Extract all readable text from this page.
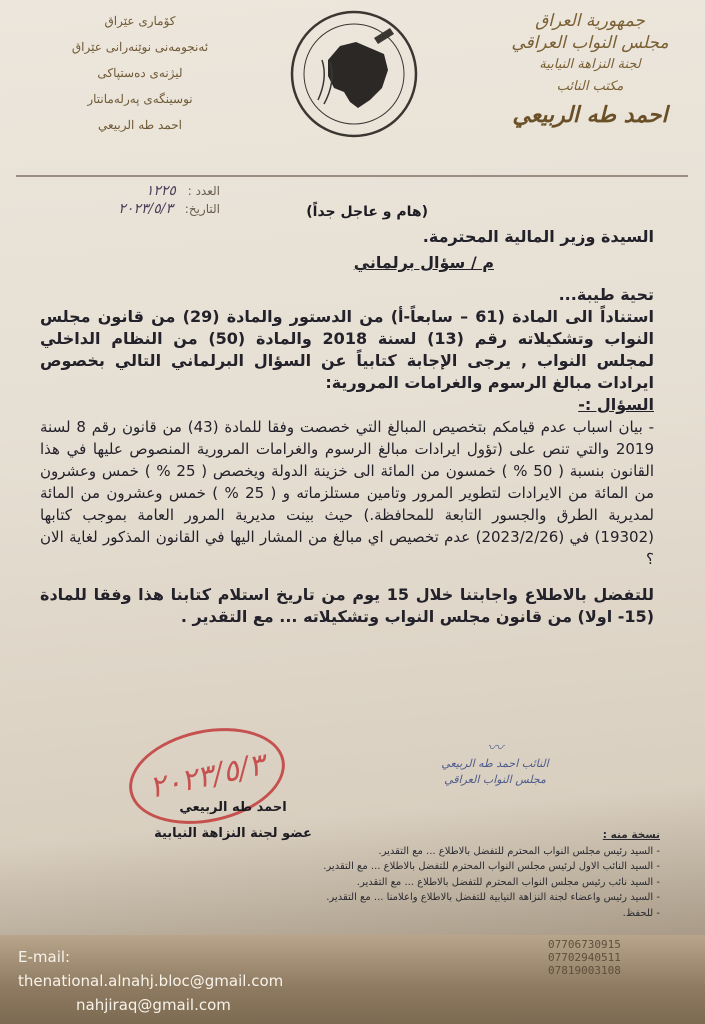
کۆماری عێراق
ئەنجومەنی نوێنەرانی عێراق
لیژنەی دەستپاکی
نوسینگەی پەرلەمانتار
احمد طه الربيعي
جمهورية العراق
مجلس النواب العراقي
لجنة النزاهة النيابية
مكتب النائب
احمد طه الربيعي
العدد : ١٢٢٥
التاريخ: ٢٠٢٣/٥/٣	(هام و عاجل جداً)

السيدة وزير المالية المحترمة.

م / سؤال برلماني

تحية طيبة...

استناداً الى المادة (61 – سابعاً-أ) من الدستور والمادة (29) من قانون مجلس النواب وتشكيلاته رقم (13) لسنة 2018 والمادة (50) من النظام الداخلي لمجلس النواب , يرجى الإجابة كتابياً عن السؤال البرلماني التالي بخصوص ايرادات مبالغ الرسوم والغرامات المرورية:

السؤال :-

- بيان اسباب عدم قيامكم بتخصيص المبالغ التي خصصت وفقا للمادة (43) من قانون رقم 8 لسنة 2019 والتي تنص على (تؤول ايرادات مبالغ الرسوم والغرامات المرورية المنصوص عليها في هذا القانون بنسبة ( 50 % ) خمسون من المائة الى خزينة الدولة ويخصص ( 25 % ) خمس وعشرون من المائة من الايرادات لتطوير المرور وتامين مستلزماته و ( 25 % ) خمس وعشرون من المائة لمديرية الطرق والجسور التابعة للمحافظة.) حيث بينت مديرية المرور العامة بموجب كتابها (19302) في (2023/2/26) عدم تخصيص اي مبالغ من المشار اليها في القانون المذكور لغاية الان ؟

للتفضل بالاطلاع واجابتنا خلال 15 يوم من تاريخ استلام كتابنا هذا وفقا للمادة (15- اولا) من قانون مجلس النواب وتشكيلاته ... مع التقدير .

٢٠٢٣/٥/٣
احمد طه الربيعي
عضو لجنة النزاهة النيابية
〰
النائب احمد طه الربيعي
مجلس النواب العراقي
نسخة منه :
- السيد رئيس مجلس النواب المحترم للتفضل بالاطلاع ... مع التقدير.
- السيد النائب الاول لرئيس مجلس النواب المحترم للتفضل بالاطلاع ... مع التقدير.
- السيد نائب رئيس مجلس النواب المحترم للتفضل بالاطلاع ... مع التقدير.
- السيد رئيس واعضاء لجنة النزاهة النيابية للتفضل بالاطلاع واعلامنا ... مع التقدير.
- للحفظ.
E-mail: thenational.alnahj.bloc@gmail.com
nahjiraq@gmail.com
07706730915
07702940511
07819003108
